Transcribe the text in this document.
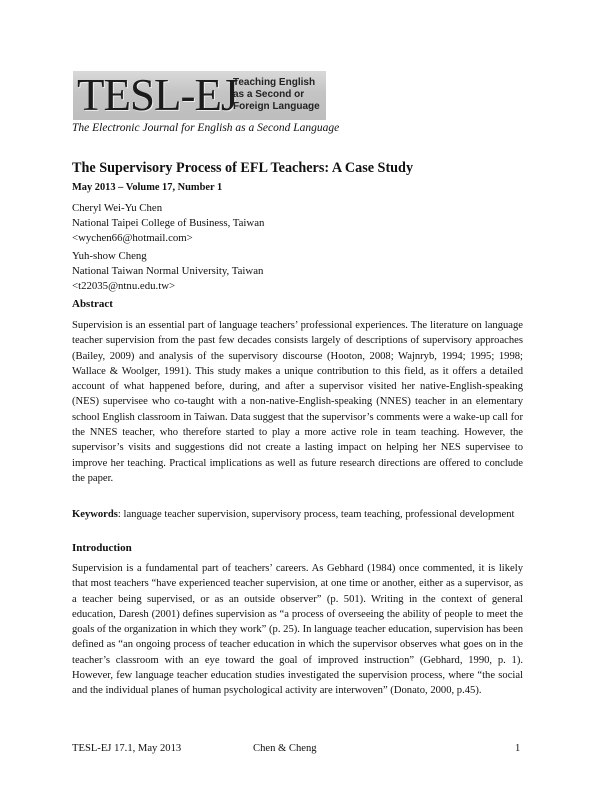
TESL-EJ
Teaching English
as a Second or
Foreign Language
The Electronic Journal for English as a Second Language
The Supervisory Process of EFL Teachers: A Case Study
May 2013 – Volume 17, Number 1
Cheryl Wei-Yu Chen
National Taipei College of Business, Taiwan
<wychen66@hotmail.com>
Yuh-show Cheng
National Taiwan Normal University, Taiwan
<t22035@ntnu.edu.tw>
Abstract

Supervision is an essential part of language teachers’ professional experiences. The literature on language teacher supervision from the past few decades consists largely of descriptions of supervisory approaches (Bailey, 2009) and analysis of the supervisory discourse (Hooton, 2008; Wajnryb, 1994; 1995; 1998; Wallace & Woolger, 1991). This study makes a unique contribution to this field, as it offers a detailed account of what happened before, during, and after a supervisor visited her native-English-speaking (NES) supervisee who co-taught with a non-native-English-speaking (NNES) teacher in an elementary school English classroom in Taiwan. Data suggest that the supervisor’s comments were a wake-up call for the NNES teacher, who therefore started to play a more active role in team teaching. However, the supervisor’s visits and suggestions did not create a lasting impact on helping her NES supervisee to improve her teaching. Practical implications as well as future research directions are offered to conclude the paper.

Keywords: language teacher supervision, supervisory process, team teaching, professional development

Introduction

Supervision is a fundamental part of teachers’ careers. As Gebhard (1984) once commented, it is likely that most teachers “have experienced teacher supervision, at one time or another, either as a supervisor, as a teacher being supervised, or as an outside observer” (p. 501). Writing in the context of general education, Daresh (2001) defines supervision as “a process of overseeing the ability of people to meet the goals of the organization in which they work” (p. 25). In language teacher education, supervision has been defined as “an ongoing process of teacher education in which the supervisor observes what goes on in the teacher’s classroom with an eye toward the goal of improved instruction” (Gebhard, 1990, p. 1). However, few language teacher education studies investigated the supervision process, where “the social and the individual planes of human psychological activity are interwoven” (Donato, 2000, p.45).

TESL-EJ 17.1, May 2013	Chen & Cheng	1
